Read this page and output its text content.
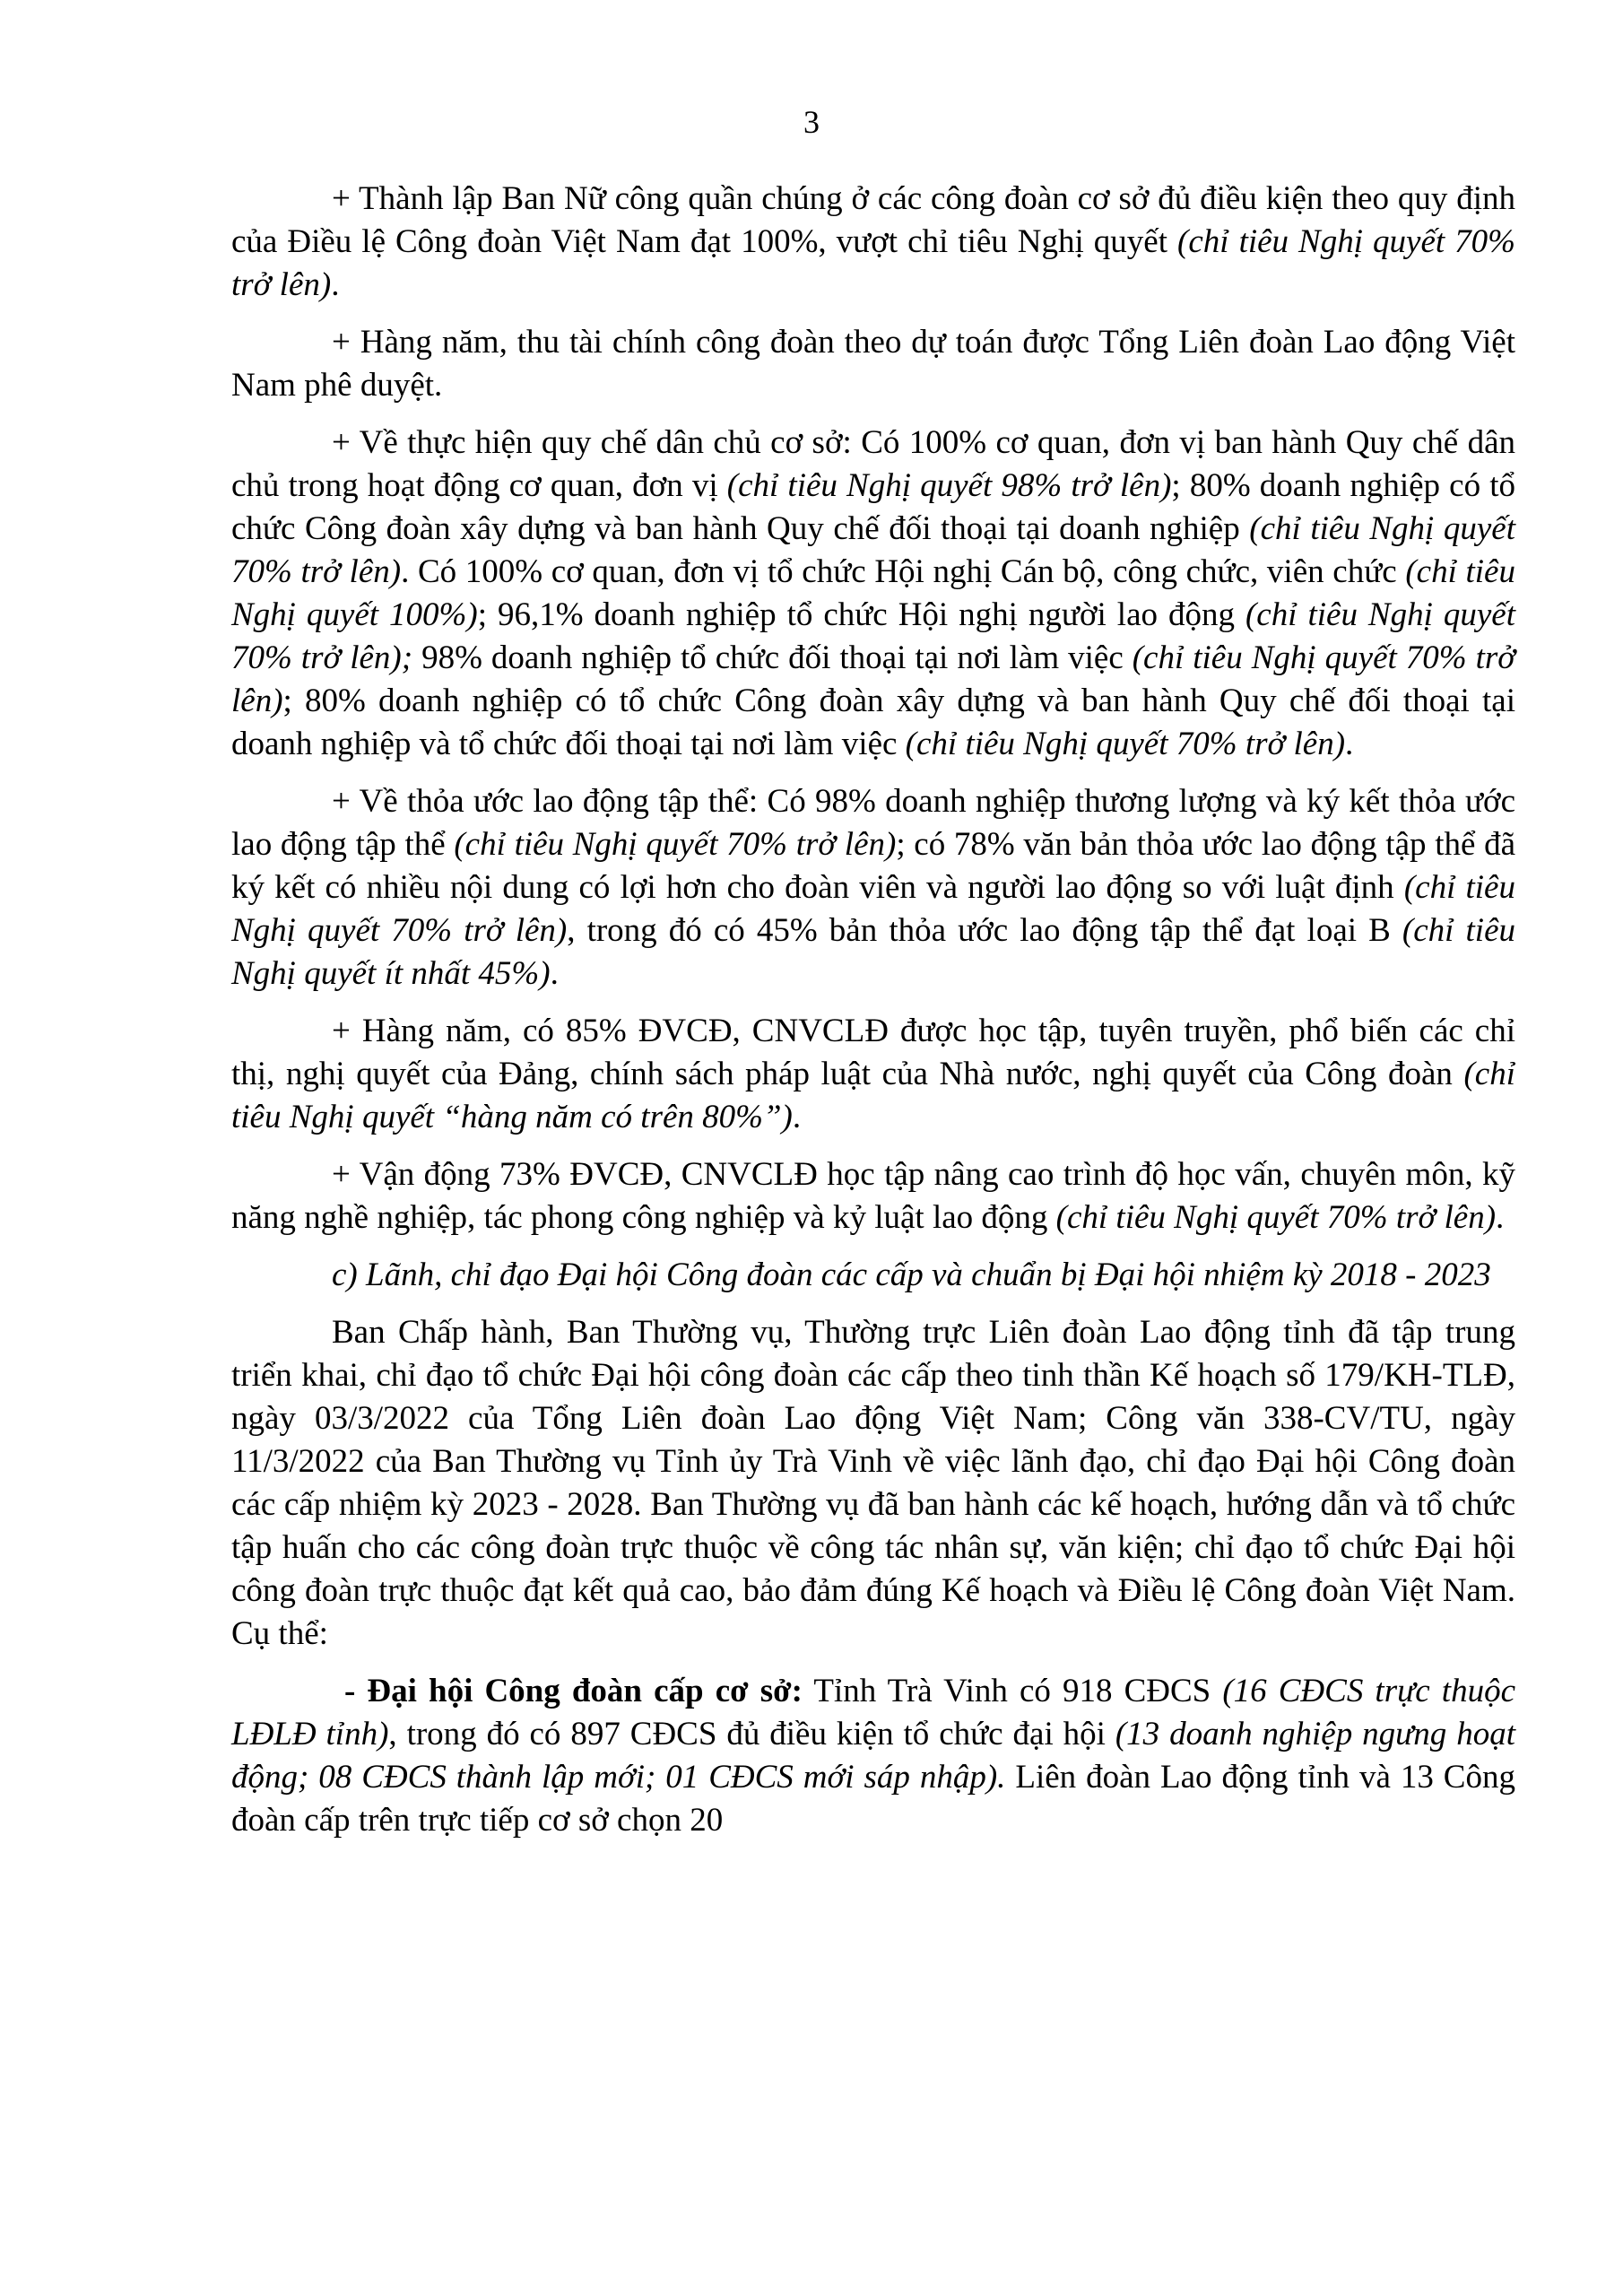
3

+ Thành lập Ban Nữ công quần chúng ở các công đoàn cơ sở đủ điều kiện theo quy định của Điều lệ Công đoàn Việt Nam đạt 100%, vượt chỉ tiêu Nghị quyết (chỉ tiêu Nghị quyết 70% trở lên).

+ Hàng năm, thu tài chính công đoàn theo dự toán được Tổng Liên đoàn Lao động Việt Nam phê duyệt.

+ Về thực hiện quy chế dân chủ cơ sở: Có 100% cơ quan, đơn vị ban hành Quy chế dân chủ trong hoạt động cơ quan, đơn vị (chỉ tiêu Nghị quyết 98% trở lên); 80% doanh nghiệp có tổ chức Công đoàn xây dựng và ban hành Quy chế đối thoại tại doanh nghiệp (chỉ tiêu Nghị quyết 70% trở lên). Có 100% cơ quan, đơn vị tổ chức Hội nghị Cán bộ, công chức, viên chức (chỉ tiêu Nghị quyết 100%); 96,1% doanh nghiệp tổ chức Hội nghị người lao động (chỉ tiêu Nghị quyết 70% trở lên); 98% doanh nghiệp tổ chức đối thoại tại nơi làm việc (chỉ tiêu Nghị quyết 70% trở lên); 80% doanh nghiệp có tổ chức Công đoàn xây dựng và ban hành Quy chế đối thoại tại doanh nghiệp và tổ chức đối thoại tại nơi làm việc (chỉ tiêu Nghị quyết 70% trở lên).

+ Về thỏa ước lao động tập thể: Có 98% doanh nghiệp thương lượng và ký kết thỏa ước lao động tập thể (chỉ tiêu Nghị quyết 70% trở lên); có 78% văn bản thỏa ước lao động tập thể đã ký kết có nhiều nội dung có lợi hơn cho đoàn viên và người lao động so với luật định (chỉ tiêu Nghị quyết 70% trở lên), trong đó có 45% bản thỏa ước lao động tập thể đạt loại B (chỉ tiêu Nghị quyết ít nhất 45%).

+ Hàng năm, có 85% ĐVCĐ, CNVCLĐ được học tập, tuyên truyền, phổ biến các chỉ thị, nghị quyết của Đảng, chính sách pháp luật của Nhà nước, nghị quyết của Công đoàn (chỉ tiêu Nghị quyết “hàng năm có trên 80%”).

+ Vận động 73% ĐVCĐ, CNVCLĐ học tập nâng cao trình độ học vấn, chuyên môn, kỹ năng nghề nghiệp, tác phong công nghiệp và kỷ luật lao động (chỉ tiêu Nghị quyết 70% trở lên).

c) Lãnh, chỉ đạo Đại hội Công đoàn các cấp và chuẩn bị Đại hội nhiệm kỳ 2018 - 2023

Ban Chấp hành, Ban Thường vụ, Thường trực Liên đoàn Lao động tỉnh đã tập trung triển khai, chỉ đạo tổ chức Đại hội công đoàn các cấp theo tinh thần Kế hoạch số 179/KH-TLĐ, ngày 03/3/2022 của Tổng Liên đoàn Lao động Việt Nam; Công văn 338-CV/TU, ngày 11/3/2022 của Ban Thường vụ Tỉnh ủy Trà Vinh về việc lãnh đạo, chỉ đạo Đại hội Công đoàn các cấp nhiệm kỳ 2023 - 2028. Ban Thường vụ đã ban hành các kế hoạch, hướng dẫn và tổ chức tập huấn cho các công đoàn trực thuộc về công tác nhân sự, văn kiện; chỉ đạo tổ chức Đại hội công đoàn trực thuộc đạt kết quả cao, bảo đảm đúng Kế hoạch và Điều lệ Công đoàn Việt Nam. Cụ thể:

- Đại hội Công đoàn cấp cơ sở: Tỉnh Trà Vinh có 918 CĐCS (16 CĐCS trực thuộc LĐLĐ tỉnh), trong đó có 897 CĐCS đủ điều kiện tổ chức đại hội (13 doanh nghiệp ngưng hoạt động; 08 CĐCS thành lập mới; 01 CĐCS mới sáp nhập). Liên đoàn Lao động tỉnh và 13 Công đoàn cấp trên trực tiếp cơ sở chọn 20
